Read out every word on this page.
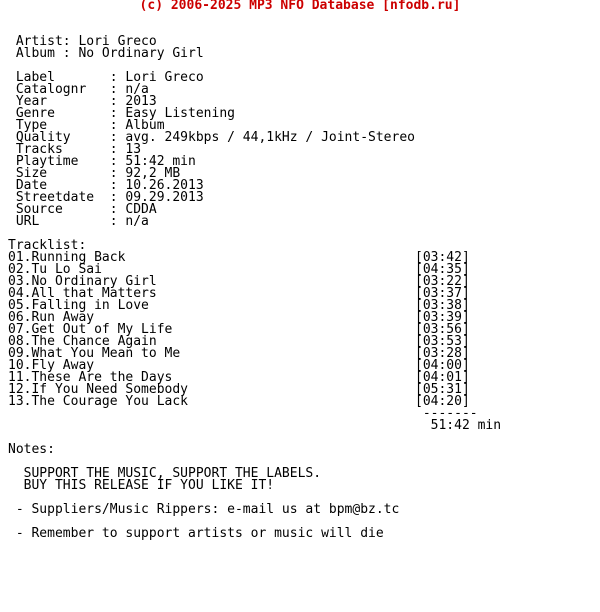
(c) 2006-2025 MP3 NFO Database [nfodb.ru]
Artist: Lori Greco
Album : No Ordinary Girl
Label       : Lori Greco
Catalognr   : n/a
Year        : 2013
Genre       : Easy Listening
Type        : Album
Quality     : avg. 249kbps / 44,1kHz / Joint-Stereo
Tracks      : 13
Playtime    : 51:42 min
Size        : 92,2 MB
Date        : 10.26.2013
Streetdate  : 09.29.2013
Source      : CDDA
URL         : n/a
Tracklist:
01.Running Back                                     [03:42]
02.Tu Lo Sai                                        [04:35]
03.No Ordinary Girl                                 [03:22]
04.All that Matters                                 [03:37]
05.Falling in Love                                  [03:38]
06.Run Away                                         [03:39]
07.Get Out of My Life                               [03:56]
08.The Chance Again                                 [03:53]
09.What You Mean to Me                              [03:28]
10.Fly Away                                         [04:00]
11.These Are the Days                               [04:01]
12.If You Need Somebody                             [05:31]
13.The Courage You Lack                             [04:20]
-------
51:42 min
Notes:
SUPPORT THE MUSIC, SUPPORT THE LABELS.
BUY THIS RELEASE IF YOU LIKE IT!
- Suppliers/Music Rippers: e-mail us at bpm@bz.tc
- Remember to support artists or music will die
